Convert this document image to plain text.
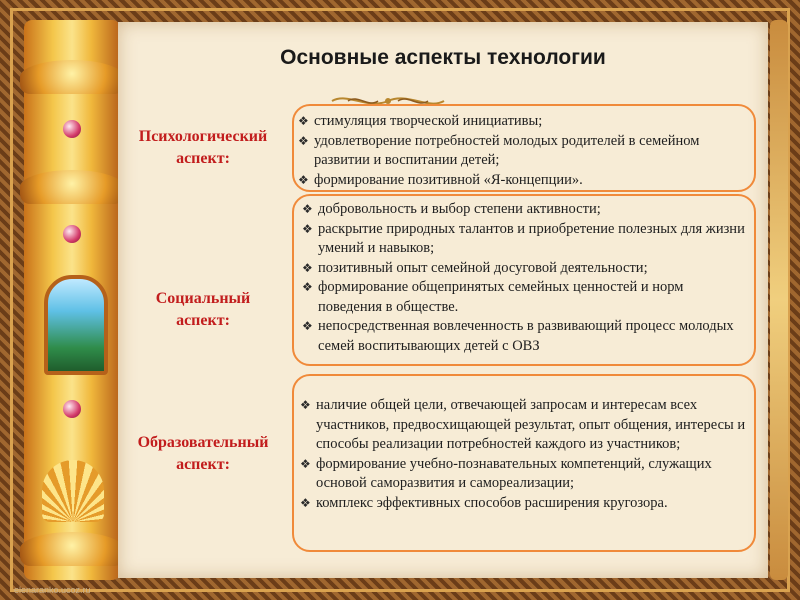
Основные аспекты технологии
Психологический
аспект:
❖ стимуляция творческой инициативы;
❖ удовлетворение потребностей молодых родителей в семейном развитии и воспитании детей;
❖ формирование позитивной «Я-концепции».
Социальный
аспект:
❖ добровольность и выбор степени активности;
❖ раскрытие природных талантов и приобретение полезных для жизни умений и навыков;
❖ позитивный опыт семейной досуговой деятельности;
❖ формирование общепринятых семейных ценностей и норм поведения в обществе.
❖ непосредственная вовлеченность в развивающий процесс молодых семей воспитывающих детей с ОВЗ
Образовательный
аспект:
❖ наличие общей цели, отвечающей запросам и интересам всех участников, предвосхищающей результат, опыт общения, интересы и способы реализации потребностей каждого из участников;
❖ формирование учебно-познавательных компетенций, служащих основой саморазвития и самореализации;
❖ комплекс эффективных способов расширения кругозора.
elenaranko.ucoz.ru
